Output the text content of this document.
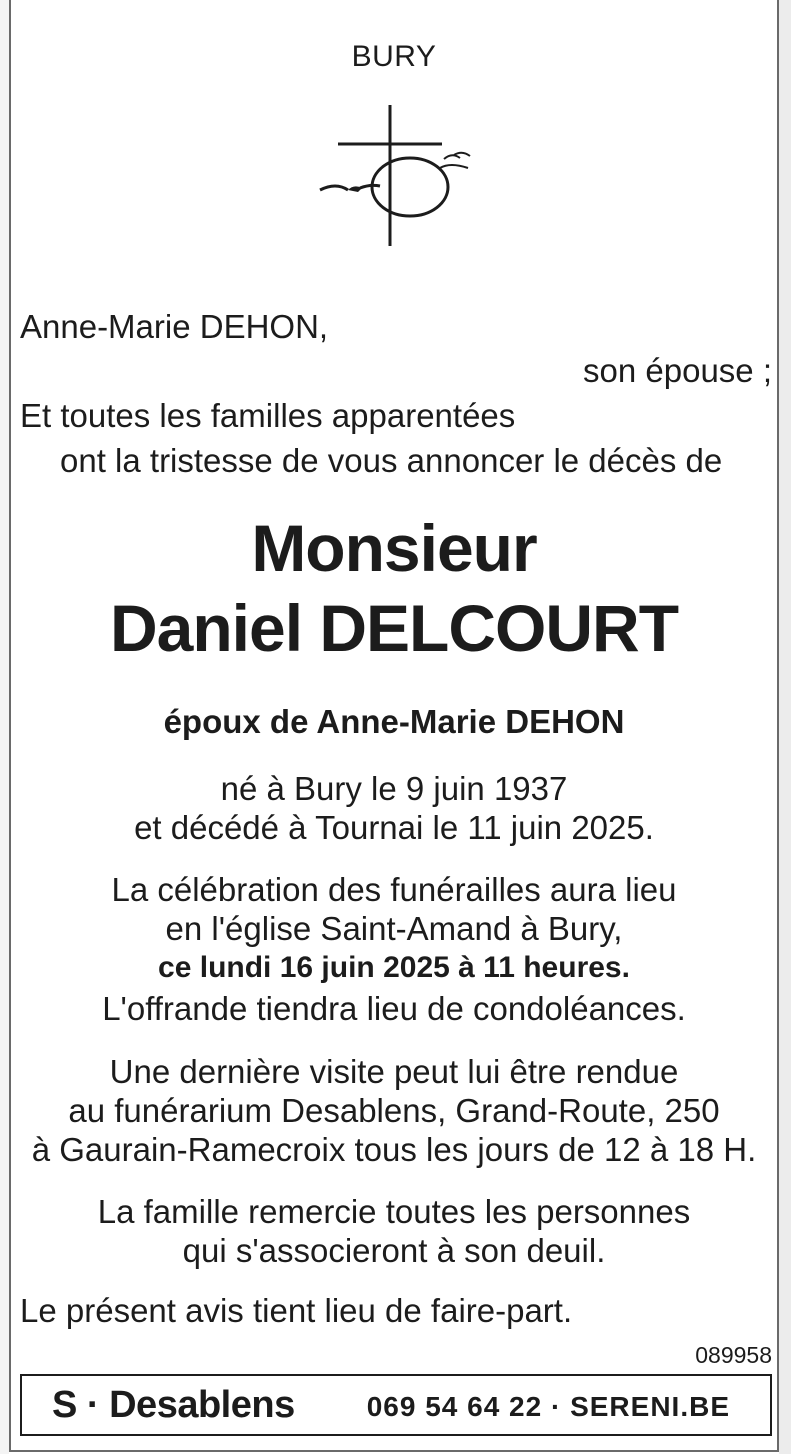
BURY
Anne-Marie DEHON,
son épouse ;
Et toutes les familles apparentées
ont la tristesse de vous annoncer le décès de
Monsieur
Daniel DELCOURT
époux de Anne-Marie DEHON
né à Bury le 9 juin 1937
et décédé à Tournai le 11 juin 2025.
La célébration des funérailles aura lieu
en l'église Saint-Amand à Bury,
ce lundi 16 juin 2025 à 11 heures.
L'offrande tiendra lieu de condoléances.
Une dernière visite peut lui être rendue
au funérarium Desablens, Grand-Route, 250
à Gaurain-Ramecroix tous les jours de 12 à 18 H.
La famille remercie toutes les personnes
qui s'associeront à son deuil.
Le présent avis tient lieu de faire-part.
089958
S · Desablens	069 54 64 22 · SERENI.BE
